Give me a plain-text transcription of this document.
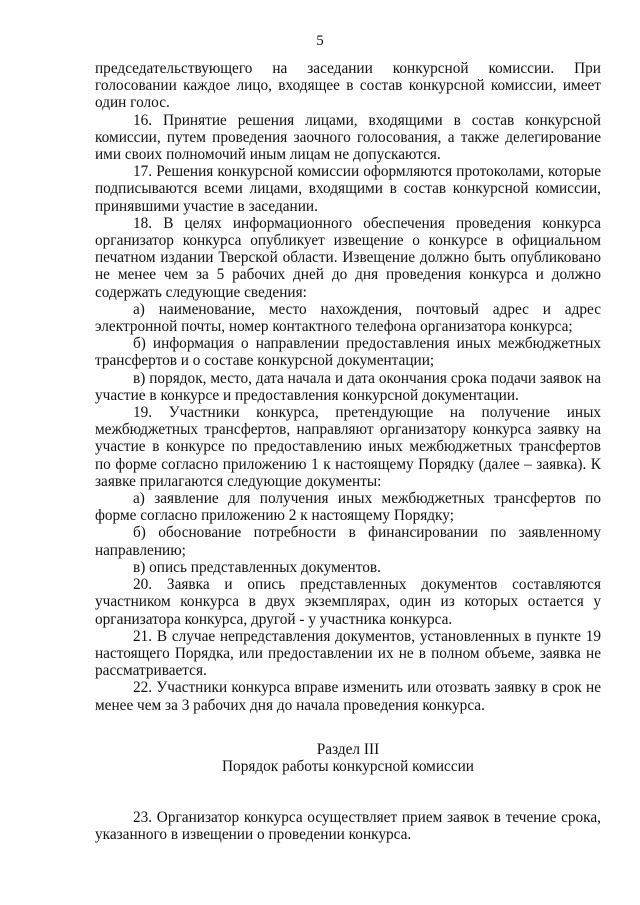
5

председательствующего на заседании конкурсной комиссии. При голосовании каждое лицо, входящее в состав конкурсной комиссии, имеет один голос.

16. Принятие решения лицами, входящими в состав конкурсной комиссии, путем проведения заочного голосования, а также делегирование ими своих полномочий иным лицам не допускаются.

17. Решения конкурсной комиссии оформляются протоколами, которые подписываются всеми лицами, входящими в состав конкурсной комиссии, принявшими участие в заседании.

18. В целях информационного обеспечения проведения конкурса организатор конкурса опубликует извещение о конкурсе в официальном печатном издании Тверской области. Извещение должно быть опубликовано не менее чем за 5 рабочих дней до дня проведения конкурса и должно содержать следующие сведения:

а) наименование, место нахождения, почтовый адрес и адрес электронной почты, номер контактного телефона организатора конкурса;

б) информация о направлении предоставления иных межбюджетных трансфертов и о составе конкурсной документации;

в) порядок, место, дата начала и дата окончания срока подачи заявок на участие в конкурсе и предоставления конкурсной документации.

19. Участники конкурса, претендующие на получение иных межбюджетных трансфертов, направляют организатору конкурса заявку на участие в конкурсе по предоставлению иных межбюджетных трансфертов по форме согласно приложению 1 к настоящему Порядку (далее – заявка). К заявке прилагаются следующие документы:

а) заявление для получения иных межбюджетных трансфертов по форме согласно приложению 2 к настоящему Порядку;

б) обоснование потребности в финансировании по заявленному направлению;

в) опись представленных документов.

20. Заявка и опись представленных документов составляются участником конкурса в двух экземплярах, один из которых остается у организатора конкурса, другой - у участника конкурса.

21. В случае непредставления документов, установленных в пункте 19 настоящего Порядка, или предоставлении их не в полном объеме, заявка не рассматривается.

22. Участники конкурса вправе изменить или отозвать заявку в срок не менее чем за 3 рабочих дня до начала проведения конкурса.

Раздел III

Порядок работы конкурсной комиссии

23. Организатор конкурса осуществляет прием заявок в течение срока, указанного в извещении о проведении конкурса.
